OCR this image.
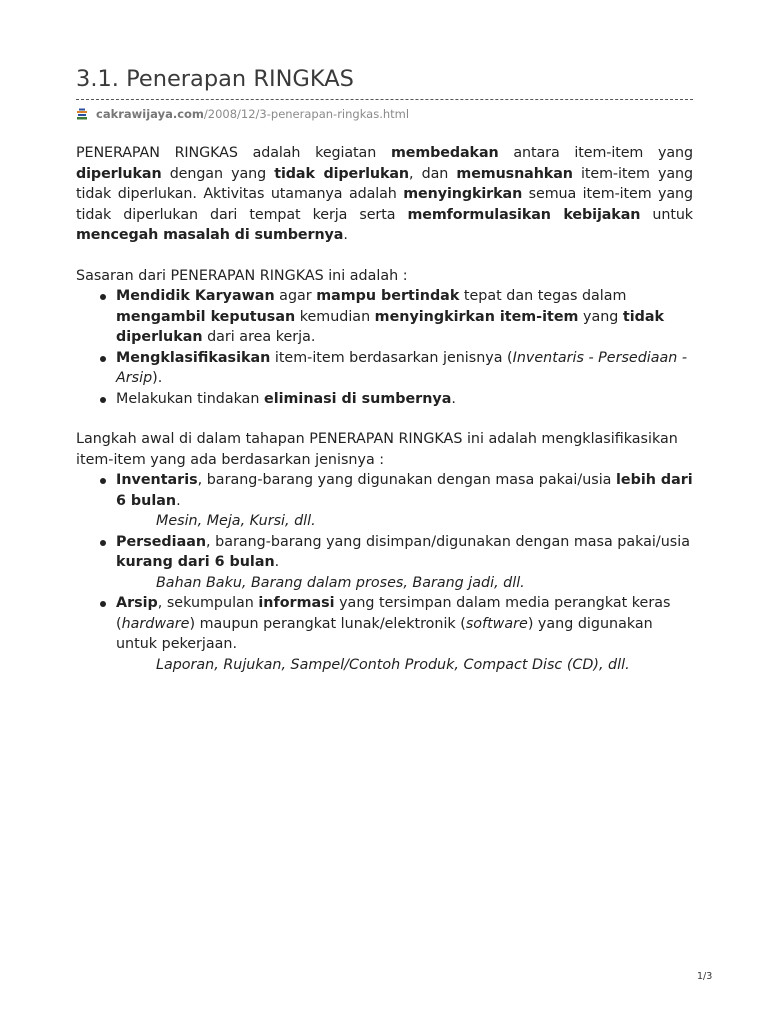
3.1. Penerapan RINGKAS
cakrawijaya.com /2008/12/3-penerapan-ringkas.html

PENERAPAN RINGKAS adalah kegiatan membedakan antara item-item yang diperlukan dengan yang tidak diperlukan, dan memusnahkan item-item yang tidak diperlukan. Aktivitas utamanya adalah menyingkirkan semua item-item yang tidak diperlukan dari tempat kerja serta memformulasikan kebijakan untuk mencegah masalah di sumbernya.

Sasaran dari PENERAPAN RINGKAS ini adalah :

Mendidik Karyawan agar mampu bertindak tepat dan tegas dalam mengambil keputusan kemudian menyingkirkan item-item yang tidak diperlukan dari area kerja.
Mengklasifikasikan item-item berdasarkan jenisnya (Inventaris - Persediaan - Arsip).
Melakukan tindakan eliminasi di sumbernya.

Langkah awal di dalam tahapan PENERAPAN RINGKAS ini adalah mengklasifikasikan item-item yang ada berdasarkan jenisnya :

Inventaris, barang-barang yang digunakan dengan masa pakai/usia lebih dari 6 bulan.
Mesin, Meja, Kursi, dll.
Persediaan, barang-barang yang disimpan/digunakan dengan masa pakai/usia kurang dari 6 bulan.
Bahan Baku, Barang dalam proses, Barang jadi, dll.
Arsip, sekumpulan informasi yang tersimpan dalam media perangkat keras (hardware) maupun perangkat lunak/elektronik (software) yang digunakan untuk pekerjaan.
Laporan, Rujukan, Sampel/Contoh Produk, Compact Disc (CD), dll.
1/3
